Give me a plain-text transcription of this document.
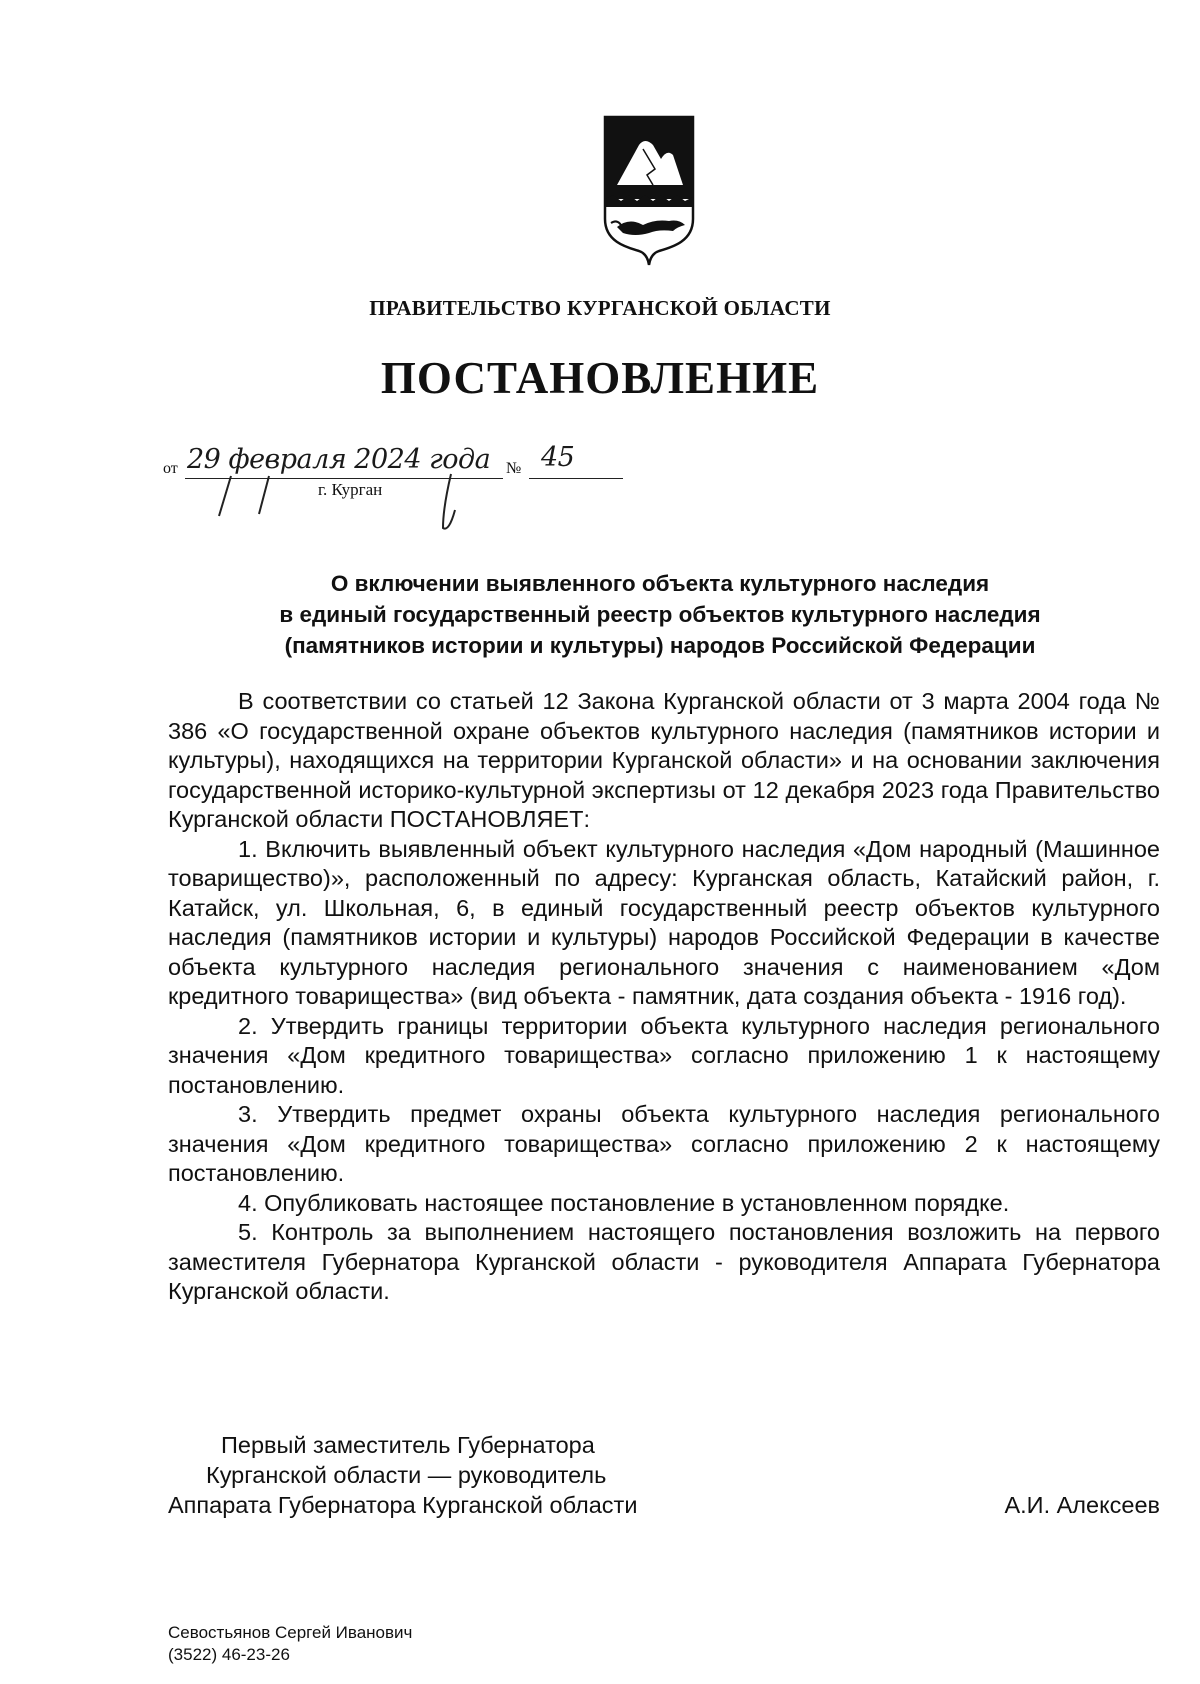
ПРАВИТЕЛЬСТВО КУРГАНСКОЙ ОБЛАСТИ
ПОСТАНОВЛЕНИЕ
от 29 февраля 2024 года № 45
г. Курган
О включении выявленного объекта культурного наследия
в единый государственный реестр объектов культурного наследия
(памятников истории и культуры) народов Российской Федерации

В соответствии со статьей 12 Закона Курганской области от 3 марта 2004 года № 386 «О государственной охране объектов культурного наследия (памятников истории и культуры), находящихся на территории Курганской области» и на основании заключения государственной историко-культурной экспертизы от 12 декабря 2023 года Правительство Курганской области ПОСТАНОВЛЯЕТ:

1. Включить выявленный объект культурного наследия «Дом народный (Машинное товарищество)», расположенный по адресу: Курганская область, Катайский район, г. Катайск, ул. Школьная, 6, в единый государственный реестр объектов культурного наследия (памятников истории и культуры) народов Российской Федерации в качестве объекта культурного наследия регионального значения с наименованием «Дом кредитного товарищества» (вид объекта - памятник, дата создания объекта - 1916 год).

2. Утвердить границы территории объекта культурного наследия регионального значения «Дом кредитного товарищества» согласно приложению 1 к настоящему постановлению.

3. Утвердить предмет охраны объекта культурного наследия регионального значения «Дом кредитного товарищества» согласно приложению 2 к настоящему постановлению.

4. Опубликовать настоящее постановление в установленном порядке.

5. Контроль за выполнением настоящего постановления возложить на первого заместителя Губернатора Курганской области - руководителя Аппарата Губернатора Курганской области.

Первый заместитель Губернатора
Курганской области — руководитель
Аппарата Губернатора Курганской области	А.И. Алексеев
Севостьянов Сергей Иванович
(3522) 46-23-26
